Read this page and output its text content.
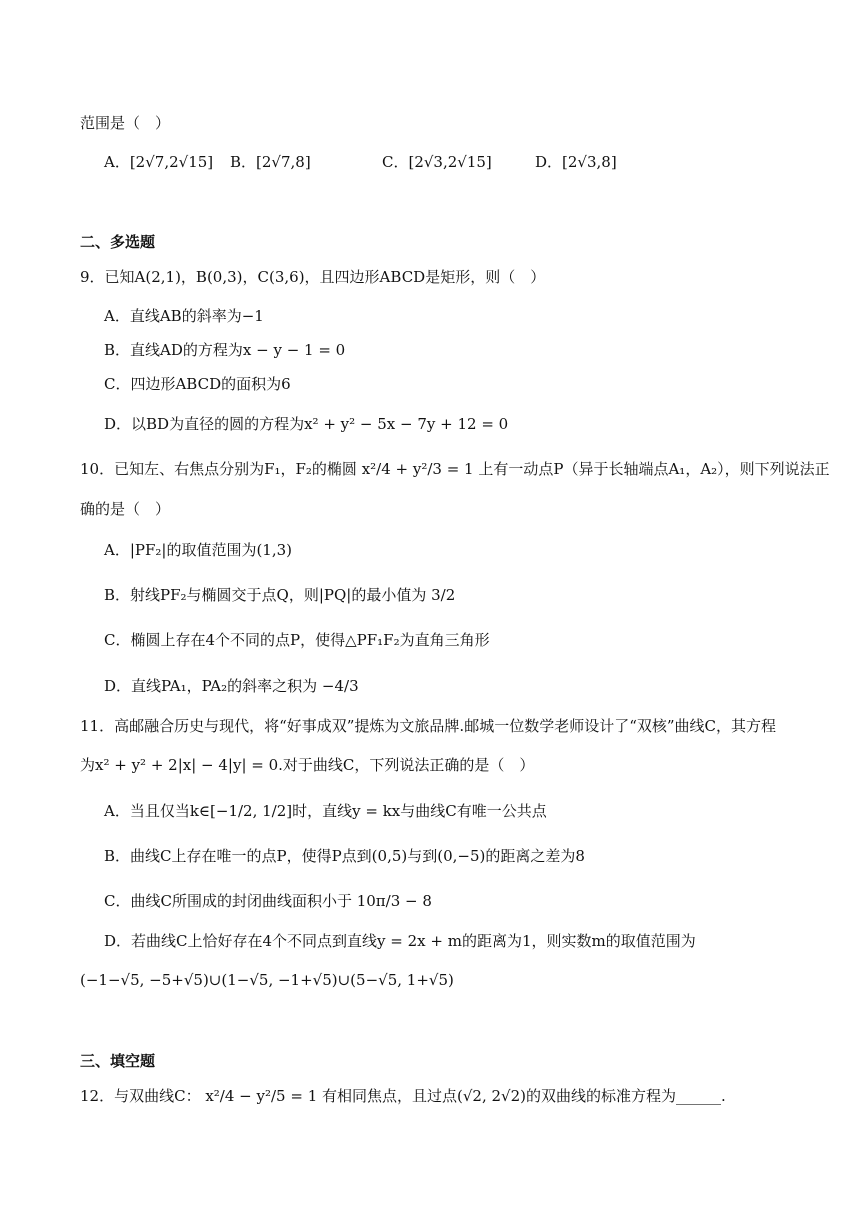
范围是（　）
A．[2√7,2√15] B．[2√7,8]	C．[2√3,2√15]	D．[2√3,8]
二、多选题
9．已知A(2,1)，B(0,3)，C(3,6)，且四边形ABCD是矩形，则（　）
A．直线AB的斜率为−1
B．直线AD的方程为x − y − 1 = 0
C．四边形ABCD的面积为6
D．以BD为直径的圆的方程为x² + y² − 5x − 7y + 12 = 0
10．已知左、右焦点分别为F₁，F₂的椭圆 x²/4 + y²/3 = 1 上有一动点P（异于长轴端点A₁，A₂），则下列说法正
确的是（　）
A．|PF₂|的取值范围为(1,3)
B．射线PF₂与椭圆交于点Q，则|PQ|的最小值为 3/2
C．椭圆上存在4个不同的点P，使得△PF₁F₂为直角三角形
D．直线PA₁，PA₂的斜率之积为 −4/3
11．高邮融合历史与现代，将“好事成双”提炼为文旅品牌.邮城一位数学老师设计了“双核”曲线C，其方程
为x² + y² + 2|x| − 4|y| = 0.对于曲线C，下列说法正确的是（　）
A．当且仅当k∈[−1/2, 1/2]时，直线y = kx与曲线C有唯一公共点
B．曲线C上存在唯一的点P，使得P点到(0,5)与到(0,−5)的距离之差为8
C．曲线C所围成的封闭曲线面积小于 10π/3 − 8
D．若曲线C上恰好存在4个不同点到直线y = 2x + m的距离为1，则实数m的取值范围为
(−1−√5, −5+√5)∪(1−√5, −1+√5)∪(5−√5, 1+√5)
三、填空题
12．与双曲线C： x²/4 − y²/5 = 1 有相同焦点，且过点(√2, 2√2)的双曲线的标准方程为______.
